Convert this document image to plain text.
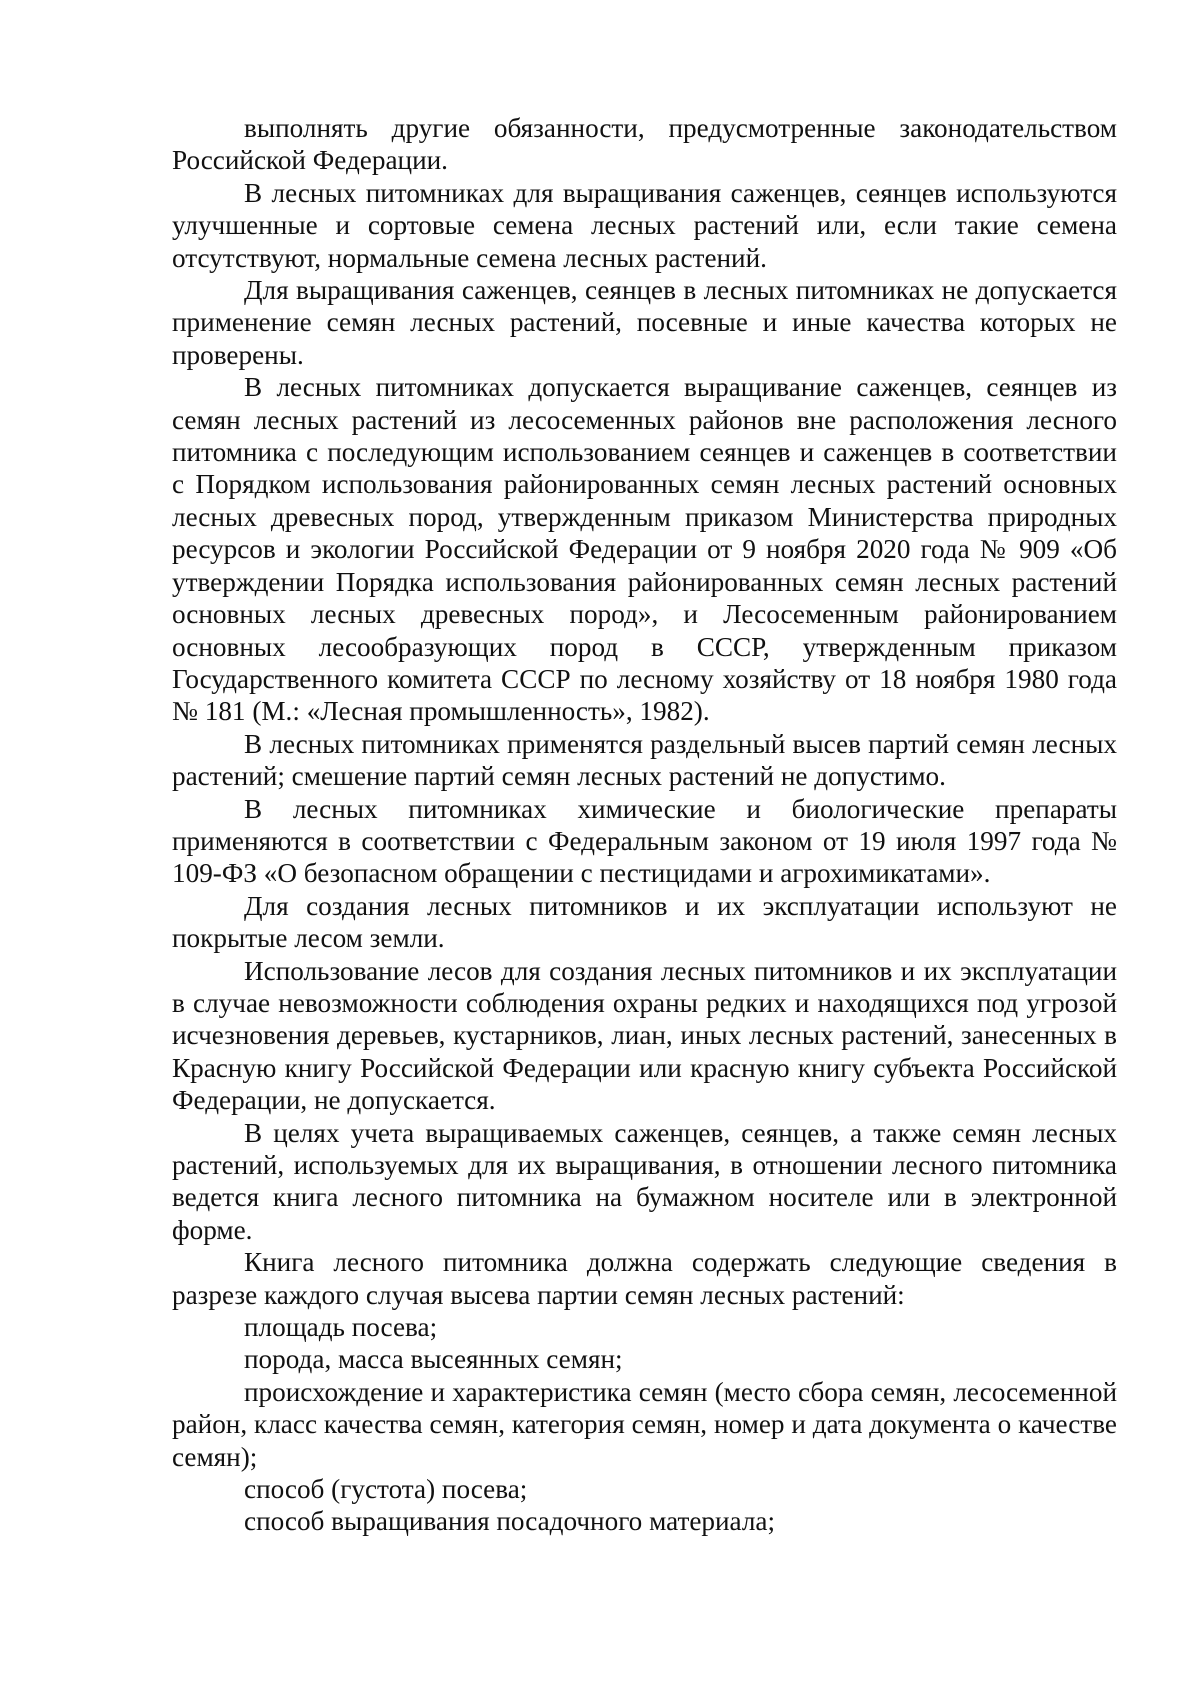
выполнять другие обязанности, предусмотренные законодательством Российской Федерации.

В лесных питомниках для выращивания саженцев, сеянцев используются улучшенные и сортовые семена лесных растений или, если такие семена отсутствуют, нормальные семена лесных растений.

Для выращивания саженцев, сеянцев в лесных питомниках не допускается применение семян лесных растений, посевные и иные качества которых не проверены.

В лесных питомниках допускается выращивание саженцев, сеянцев из семян лесных растений из лесосеменных районов вне расположения лесного питомника с последующим использованием сеянцев и саженцев в соответствии с Порядком использования районированных семян лесных растений основных лесных древесных пород, утвержденным приказом Министерства природных ресурсов и экологии Российской Федерации от 9 ноября 2020 года № 909 «Об утверждении Порядка использования районированных семян лесных растений основных лесных древесных пород», и Лесосеменным районированием основных лесообразующих пород в СССР, утвержденным приказом Государственного комитета СССР по лесному хозяйству от 18 ноября 1980 года № 181 (М.: «Лесная промышленность», 1982).

В лесных питомниках применятся раздельный высев партий семян лесных растений; смешение партий семян лесных растений не допустимо.

В лесных питомниках химические и биологические препараты применяются в соответствии с Федеральным законом от 19 июля 1997 года № 109-ФЗ «О безопасном обращении с пестицидами и агрохимикатами».

Для создания лесных питомников и их эксплуатации используют не покрытые лесом земли.

Использование лесов для создания лесных питомников и их эксплуатации в случае невозможности соблюдения охраны редких и находящихся под угрозой исчезновения деревьев, кустарников, лиан, иных лесных растений, занесенных в Красную книгу Российской Федерации или красную книгу субъекта Российской Федерации, не допускается.

В целях учета выращиваемых саженцев, сеянцев, а также семян лесных растений, используемых для их выращивания, в отношении лесного питомника ведется книга лесного питомника на бумажном носителе или в электронной форме.

Книга лесного питомника должна содержать следующие сведения в разрезе каждого случая высева партии семян лесных растений:

площадь посева;

порода, масса высеянных семян;

происхождение и характеристика семян (место сбора семян, лесосеменной район, класс качества семян, категория семян, номер и дата документа о качестве семян);

способ (густота) посева;

способ выращивания посадочного материала;
